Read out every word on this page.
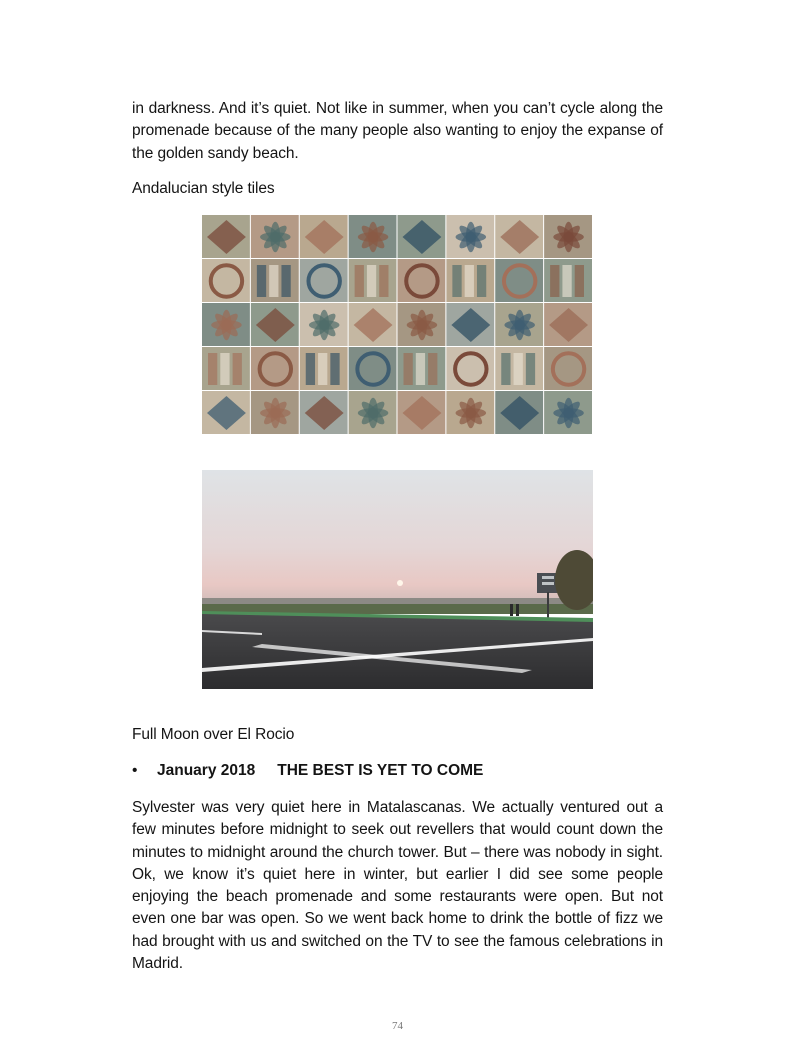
in darkness. And it’s quiet. Not like in summer, when you can’t cycle along the promenade because of the many people also wanting to enjoy the expanse of the golden sandy beach.

Andalucian style tiles

Full Moon over El Rocio

•	January 2018 THE BEST IS YET TO COME

Sylvester was very quiet here in Matalascanas. We actually ventured out a few minutes before midnight to seek out revellers that would count down the minutes to midnight around the church tower. But – there was nobody in sight. Ok, we know it’s quiet here in winter, but earlier I did see some people enjoying the beach promenade and some restaurants were open. But not even one bar was open. So we went back home to drink the bottle of fizz we had brought with us and switched on the TV to see the famous celebrations in Madrid.

74
